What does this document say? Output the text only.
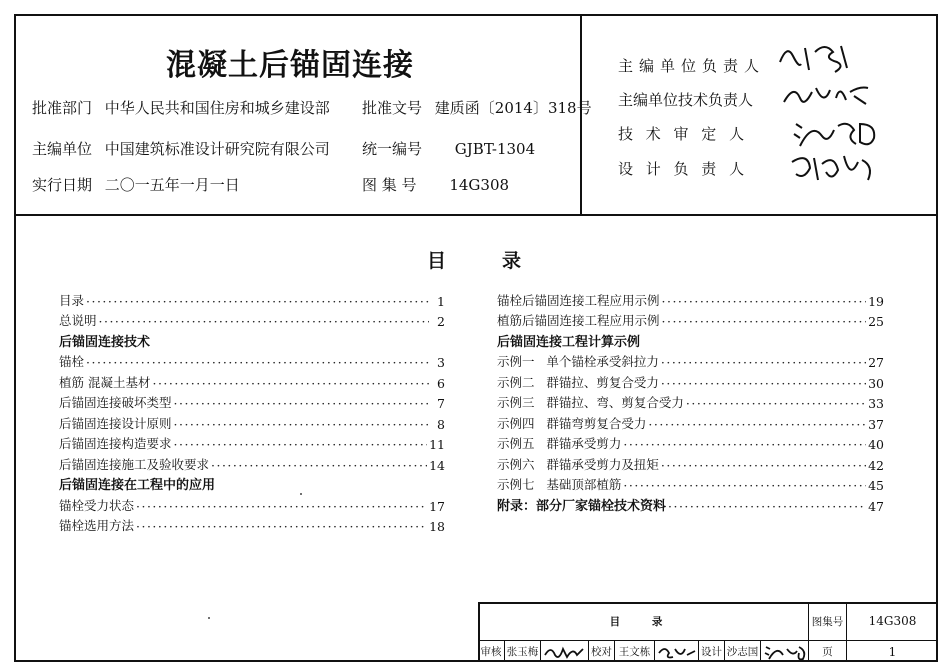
混凝土后锚固连接
批准部门 中华人民共和国住房和城乡建设部 批准文号 建质函〔2014〕318号
主编单位 中国建筑标准设计研究院有限公司 统一编号 GJBT-1304
实行日期 二〇一五年一月一日	图 集 号 14G308
主编单位负责人
主编单位技术负责人
技 术 审 定 人
设 计 负 责 人
目	录
目录 ·····	1
总说明 ·····	2
后锚固连接技术
锚栓 ·····	3
植筋 混凝土基材 ·····	6
后锚固连接破坏类型 ·····	7
后锚固连接设计原则 ·····	8
后锚固连接构造要求 ·····	11
后锚固连接施工及验收要求 ·····	14
后锚固连接在工程中的应用
锚栓受力状态 ·····	17
锚栓选用方法 ·····	18
锚栓后锚固连接工程应用示例 ·····	19
植筋后锚固连接工程应用示例 ·····	25
后锚固连接工程计算示例
示例一   单个锚栓承受斜拉力 ·····	27
示例二   群锚拉、剪复合受力 ·····	30
示例三   群锚拉、弯、剪复合受力 ·····	33
示例四   群锚弯剪复合受力 ·····	37
示例五   群锚承受剪力 ·····	40
示例六   群锚承受剪力及扭矩 ·····	42
示例七   基础顶部植筋 ·····	45
附录：部分厂家锚栓技术资料 ·····	47
目 录	图集号	14G308
审核 张玉梅	校对 王文栋	设计 沙志国	页	1
